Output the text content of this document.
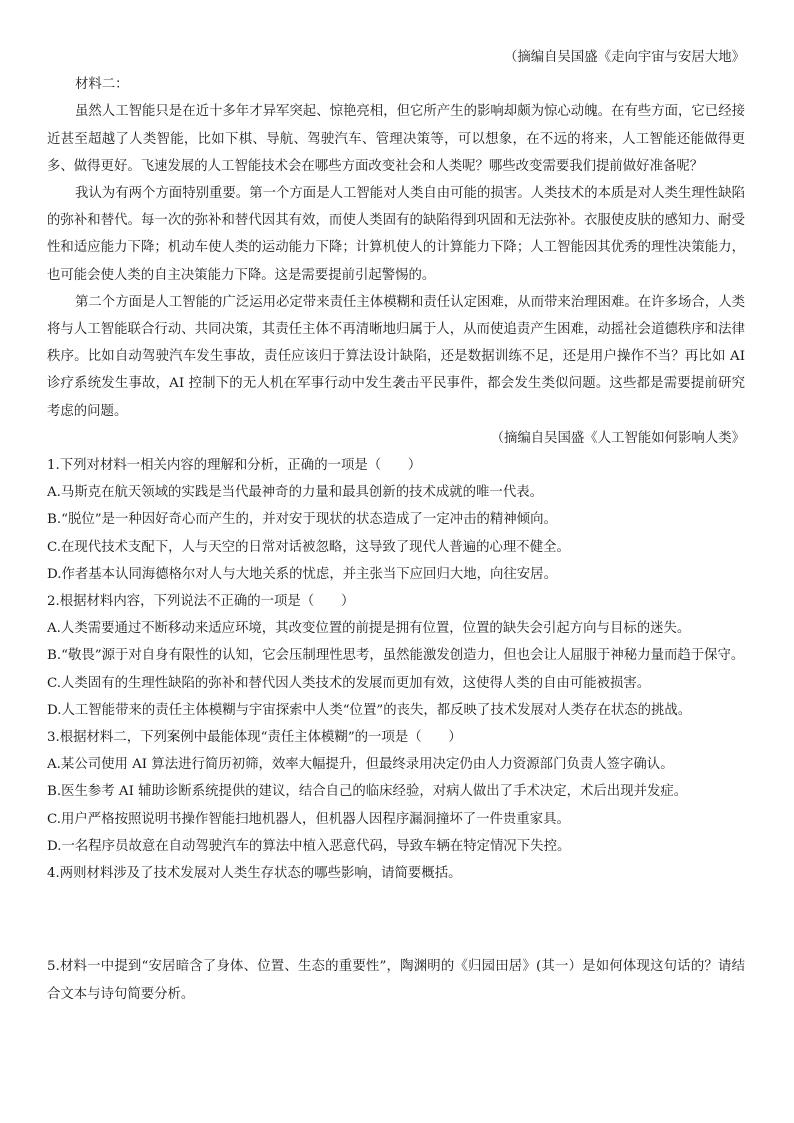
（摘编自吴国盛《走向宇宙与安居大地》

材料二：

虽然人工智能只是在近十多年才异军突起、惊艳亮相，但它所产生的影响却颇为惊心动魄。在有些方面，它已经接近甚至超越了人类智能，比如下棋、导航、驾驶汽车、管理决策等，可以想象，在不远的将来，人工智能还能做得更多、做得更好。飞速发展的人工智能技术会在哪些方面改变社会和人类呢？哪些改变需要我们提前做好准备呢？

我认为有两个方面特别重要。第一个方面是人工智能对人类自由可能的损害。人类技术的本质是对人类生理性缺陷的弥补和替代。每一次的弥补和替代因其有效，而使人类固有的缺陷得到巩固和无法弥补。衣服使皮肤的感知力、耐受性和适应能力下降；机动车使人类的运动能力下降；计算机使人的计算能力下降；人工智能因其优秀的理性决策能力，也可能会使人类的自主决策能力下降。这是需要提前引起警惕的。

第二个方面是人工智能的广泛运用必定带来责任主体模糊和责任认定困难，从而带来治理困难。在许多场合，人类将与人工智能联合行动、共同决策，其责任主体不再清晰地归属于人，从而使追责产生困难，动摇社会道德秩序和法律秩序。比如自动驾驶汽车发生事故，责任应该归于算法设计缺陷，还是数据训练不足，还是用户操作不当？再比如 AI 诊疗系统发生事故，AI 控制下的无人机在军事行动中发生袭击平民事件，都会发生类似问题。这些都是需要提前研究考虑的问题。

（摘编自吴国盛《人工智能如何影响人类》

1.下列对材料一相关内容的理解和分析，正确的一项是（　　）

A.马斯克在航天领域的实践是当代最神奇的力量和最具创新的技术成就的唯一代表。

B.“脱位”是一种因好奇心而产生的，并对安于现状的状态造成了一定冲击的精神倾向。

C.在现代技术支配下，人与天空的日常对话被忽略，这导致了现代人普遍的心理不健全。

D.作者基本认同海德格尔对人与大地关系的忧虑，并主张当下应回归大地，向往安居。

2.根据材料内容，下列说法不正确的一项是（　　）

A.人类需要通过不断移动来适应环境，其改变位置的前提是拥有位置，位置的缺失会引起方向与目标的迷失。

B.“敬畏”源于对自身有限性的认知，它会压制理性思考，虽然能激发创造力，但也会让人屈服于神秘力量而趋于保守。

C.人类固有的生理性缺陷的弥补和替代因人类技术的发展而更加有效，这使得人类的自由可能被损害。

D.人工智能带来的责任主体模糊与宇宙探索中人类“位置”的丧失，都反映了技术发展对人类存在状态的挑战。

3.根据材料二，下列案例中最能体现“责任主体模糊”的一项是（　　）

A.某公司使用 AI 算法进行简历初筛，效率大幅提升，但最终录用决定仍由人力资源部门负责人签字确认。

B.医生参考 AI 辅助诊断系统提供的建议，结合自己的临床经验，对病人做出了手术决定，术后出现并发症。

C.用户严格按照说明书操作智能扫地机器人，但机器人因程序漏洞撞坏了一件贵重家具。

D.一名程序员故意在自动驾驶汽车的算法中植入恶意代码，导致车辆在特定情况下失控。

4.两则材料涉及了技术发展对人类生存状态的哪些影响，请简要概括。

5.材料一中提到“安居暗含了身体、位置、生态的重要性”，陶渊明的《归园田居》(其一）是如何体现这句话的？请结合文本与诗句简要分析。
